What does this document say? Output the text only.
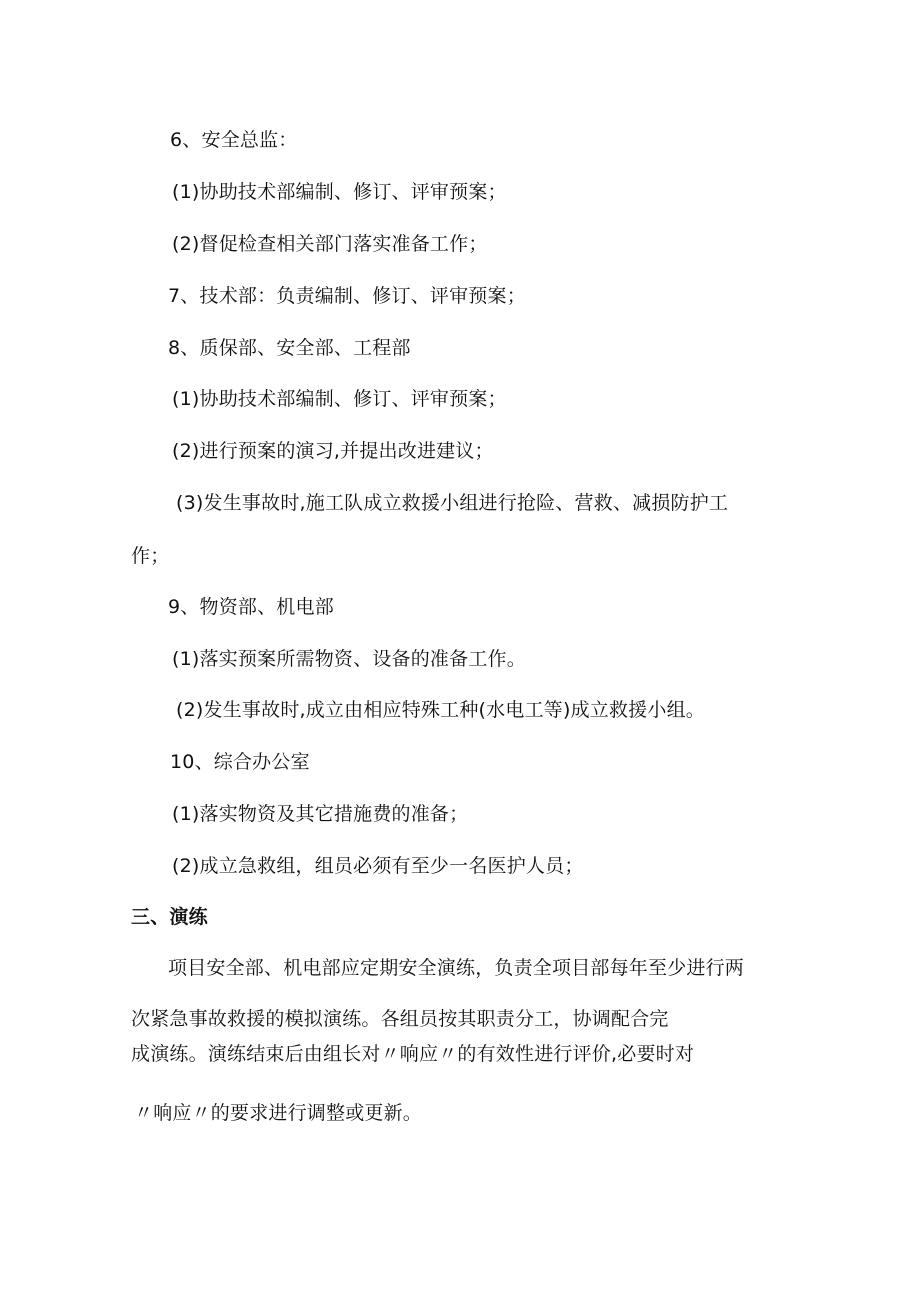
6、安全总监：
(1)协助技术部编制、修订、评审预案；
(2)督促检查相关部门落实准备工作；
7、技术部：负责编制、修订、评审预案；
8、质保部、安全部、工程部
(1)协助技术部编制、修订、评审预案；
(2)进行预案的演习,并提出改进建议；
(3)发生事故时,施工队成立救援小组进行抢险、营救、减损防护工
作；
9、物资部、机电部
(1)落实预案所需物资、设备的准备工作。
(2)发生事故时,成立由相应特殊工种(水电工等)成立救援小组。
10、综合办公室
(1)落实物资及其它措施费的准备；
(2)成立急救组，组员必须有至少一名医护人员；
三、演练
项目安全部、机电部应定期安全演练，负责全项目部每年至少进行两
次紧急事故救援的模拟演练。各组员按其职责分工，协调配合完
成演练。演练结束后由组长对〃响应〃的有效性进行评价,必要时对
〃响应〃的要求进行调整或更新。
